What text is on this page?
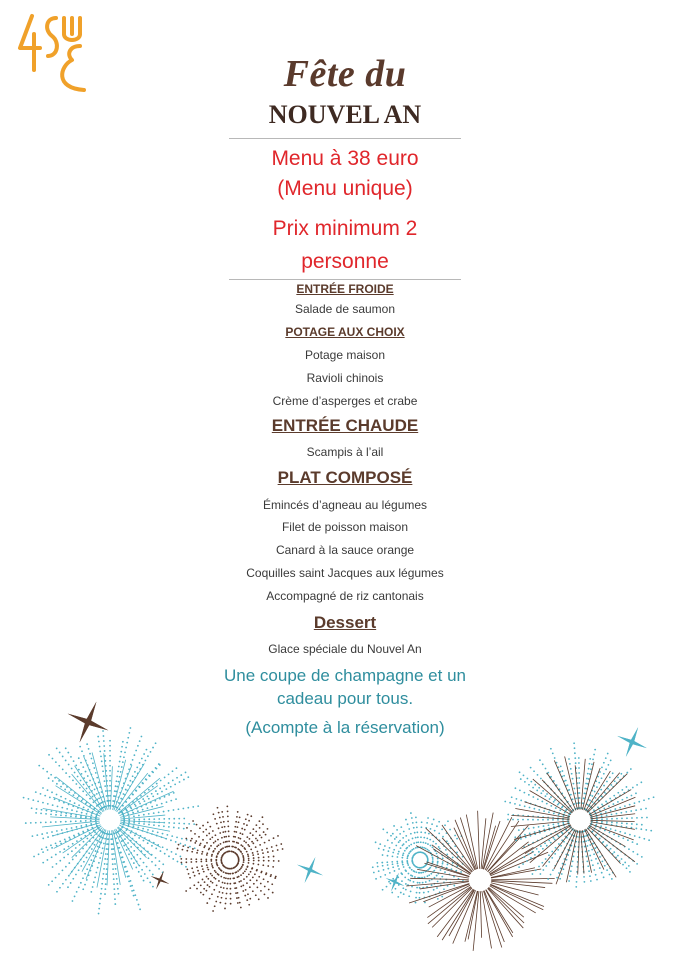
Fête du
NOUVEL AN
Menu à 38 euro
(Menu unique)
Prix minimum 2
personne
ENTRÉE FROIDE
Salade de saumon
POTAGE AUX CHOIX
Potage maison
Ravioli chinois
Crème d’asperges et crabe
ENTRÉE CHAUDE
Scampis à l’ail
PLAT COMPOSÉ
Émincés d’agneau au légumes
Filet de poisson maison
Canard à la sauce orange
Coquilles saint Jacques aux légumes
Accompagné de riz cantonais
Dessert
Glace spéciale du Nouvel An
Une coupe de champagne et un
cadeau pour tous.
(Acompte à la réservation)
